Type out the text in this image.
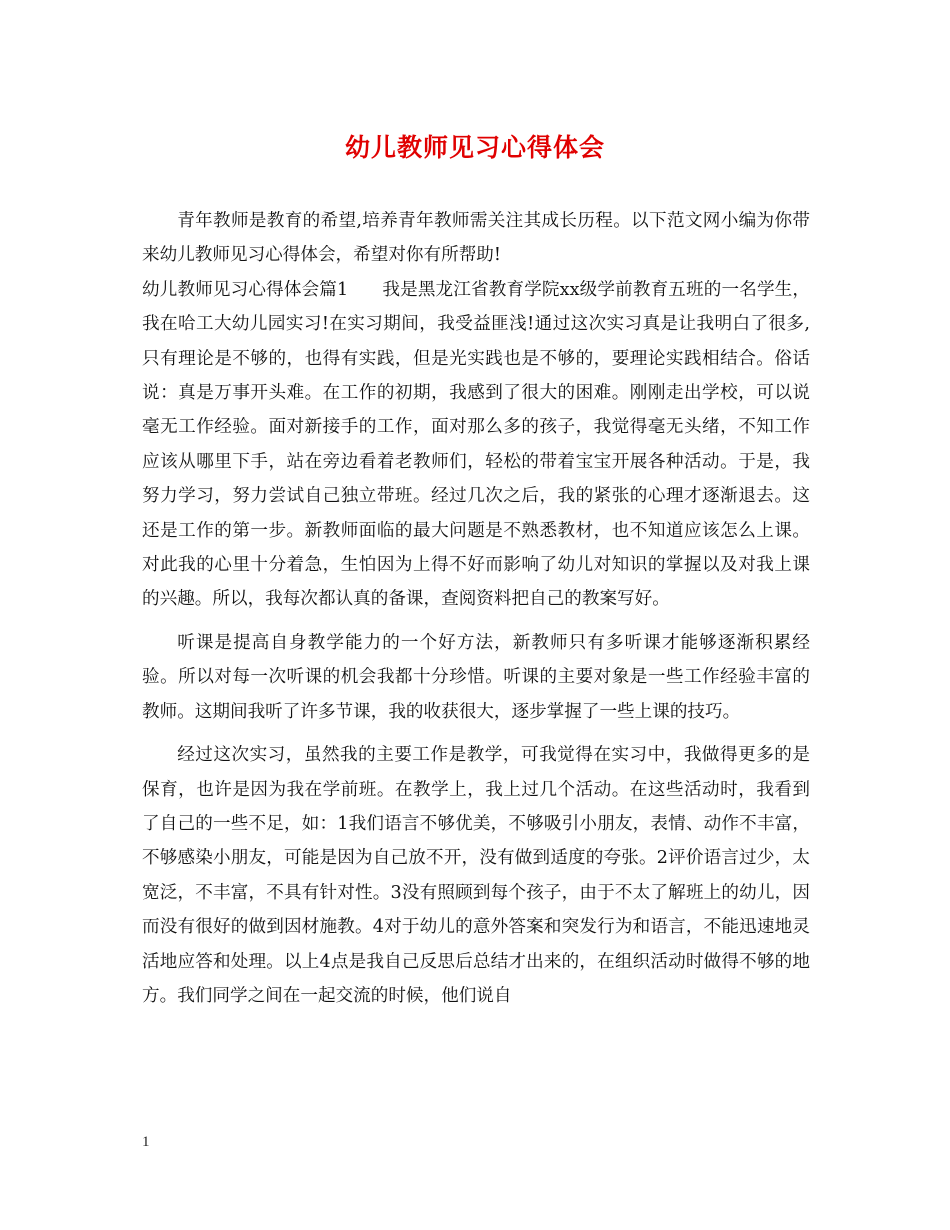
幼儿教师见习心得体会

青年教师是教育的希望,培养青年教师需关注其成长历程。以下范文网小编为你带来幼儿教师见习心得体会，希望对你有所帮助!

幼儿教师见习心得体会篇1 我是黑龙江省教育学院xx级学前教育五班的一名学生，我在哈工大幼儿园实习!在实习期间，我受益匪浅!通过这次实习真是让我明白了很多,只有理论是不够的，也得有实践，但是光实践也是不够的，要理论实践相结合。俗话说：真是万事开头难。在工作的初期，我感到了很大的困难。刚刚走出学校，可以说毫无工作经验。面对新接手的工作，面对那么多的孩子，我觉得毫无头绪，不知工作应该从哪里下手，站在旁边看着老教师们，轻松的带着宝宝开展各种活动。于是，我努力学习，努力尝试自己独立带班。经过几次之后，我的紧张的心理才逐渐退去。这还是工作的第一步。新教师面临的最大问题是不熟悉教材，也不知道应该怎么上课。对此我的心里十分着急，生怕因为上得不好而影响了幼儿对知识的掌握以及对我上课的兴趣。所以，我每次都认真的备课，查阅资料把自己的教案写好。

听课是提高自身教学能力的一个好方法，新教师只有多听课才能够逐渐积累经验。所以对每一次听课的机会我都十分珍惜。听课的主要对象是一些工作经验丰富的教师。这期间我听了许多节课，我的收获很大，逐步掌握了一些上课的技巧。

经过这次实习，虽然我的主要工作是教学，可我觉得在实习中，我做得更多的是保育，也许是因为我在学前班。在教学上，我上过几个活动。在这些活动时，我看到了自己的一些不足，如：1我们语言不够优美，不够吸引小朋友，表情、动作不丰富，不够感染小朋友，可能是因为自己放不开，没有做到适度的夸张。2评价语言过少，太宽泛，不丰富，不具有针对性。3没有照顾到每个孩子，由于不太了解班上的幼儿，因而没有很好的做到因材施教。4对于幼儿的意外答案和突发行为和语言，不能迅速地灵活地应答和处理。以上4点是我自己反思后总结才出来的，在组织活动时做得不够的地方。我们同学之间在一起交流的时候，他们说自

1
